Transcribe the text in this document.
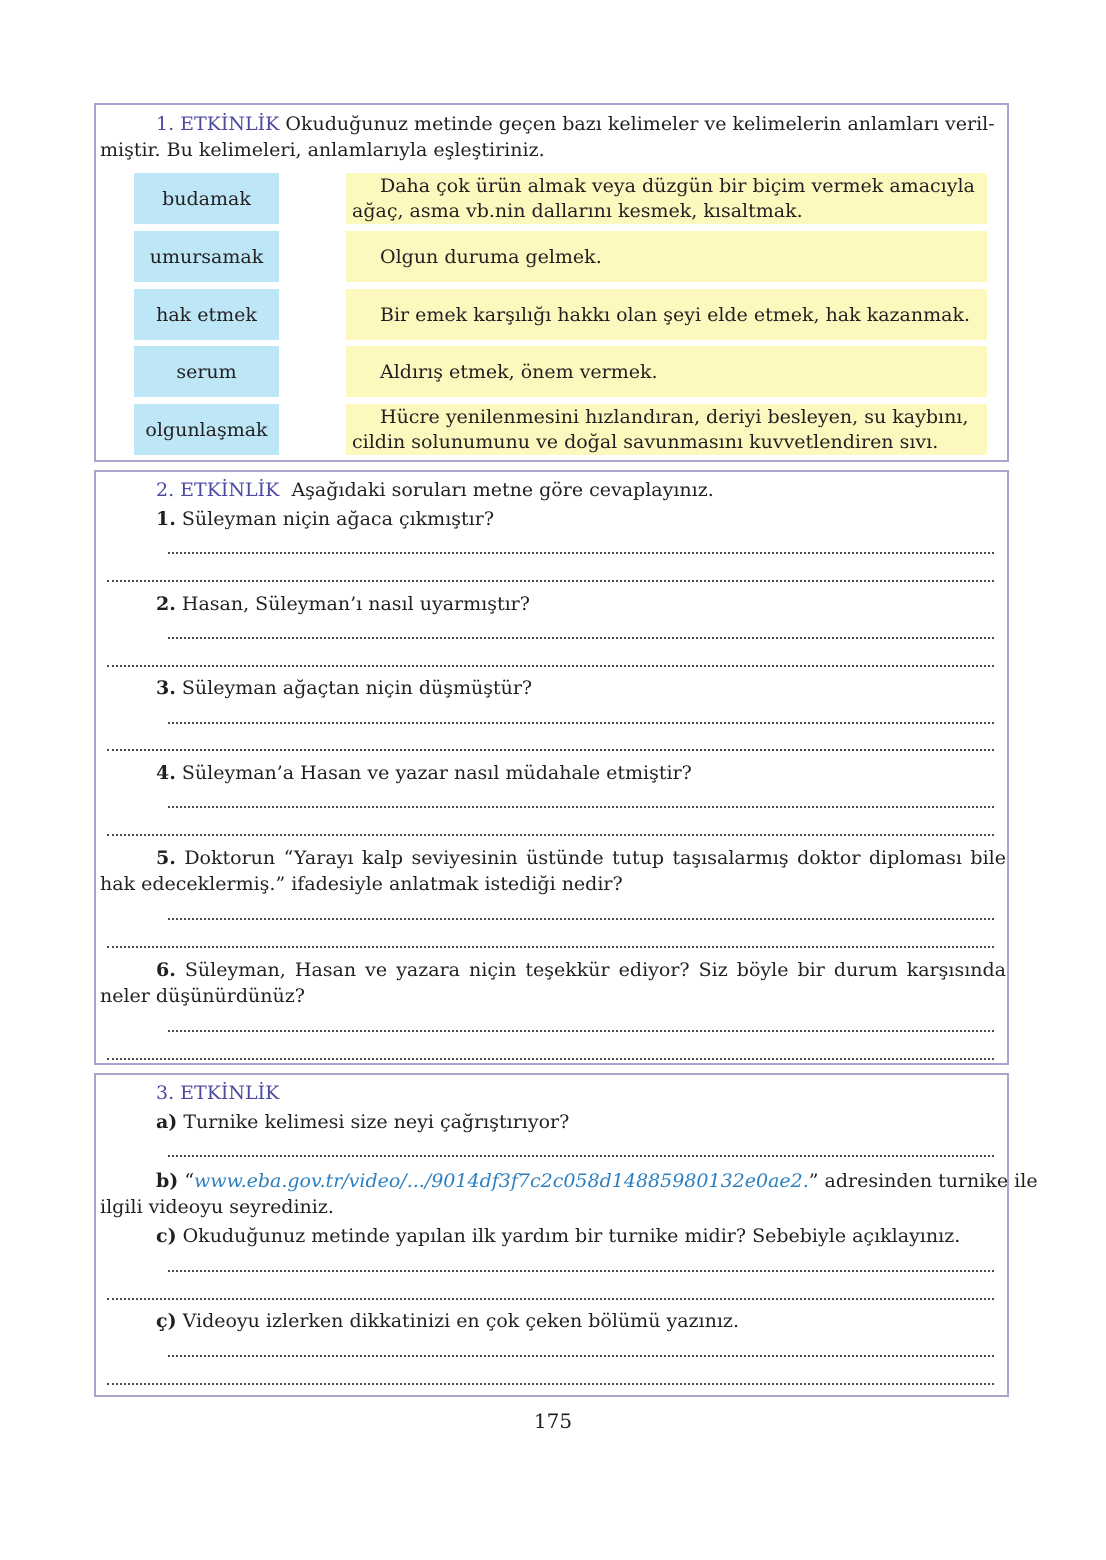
1. ETKİNLİK Okuduğunuz metinde geçen bazı kelimeler ve kelimelerin anlamları veril-
miştir. Bu kelimeleri, anlamlarıyla eşleştiriniz.
budamak
umursamak
hak etmek
serum
olgunlaşmak
Daha çok ürün almak veya düzgün bir biçim vermek amacıyla
ağaç, asma vb.nin dallarını kesmek, kısaltmak.
Olgun duruma gelmek.
Bir emek karşılığı hakkı olan şeyi elde etmek, hak kazanmak.
Aldırış etmek, önem vermek.
Hücre yenilenmesini hızlandıran, deriyi besleyen, su kaybını,
cildin solunumunu ve doğal savunmasını kuvvetlendiren sıvı.
2. ETKİNLİK Aşağıdaki soruları metne göre cevaplayınız.
1. Süleyman niçin ağaca çıkmıştır?
2. Hasan, Süleyman’ı nasıl uyarmıştır?
3. Süleyman ağaçtan niçin düşmüştür?
4. Süleyman’a Hasan ve yazar nasıl müdahale etmiştir?
5. Doktorun “Yarayı kalp seviyesinin üstünde tutup taşısalarmış doktor diploması bile
hak edeceklermiş.” ifadesiyle anlatmak istediği nedir?
6. Süleyman, Hasan ve yazara niçin teşekkür ediyor? Siz böyle bir durum karşısında
neler düşünürdünüz?
3. ETKİNLİK
a) Turnike kelimesi size neyi çağrıştırıyor?
b) “www.eba.gov.tr/video/.../9014df3f7c2c058d14885980132e0ae2.” adresinden turnike ile
ilgili videoyu seyrediniz.
c) Okuduğunuz metinde yapılan ilk yardım bir turnike midir? Sebebiyle açıklayınız.
ç) Videoyu izlerken dikkatinizi en çok çeken bölümü yazınız.
175
